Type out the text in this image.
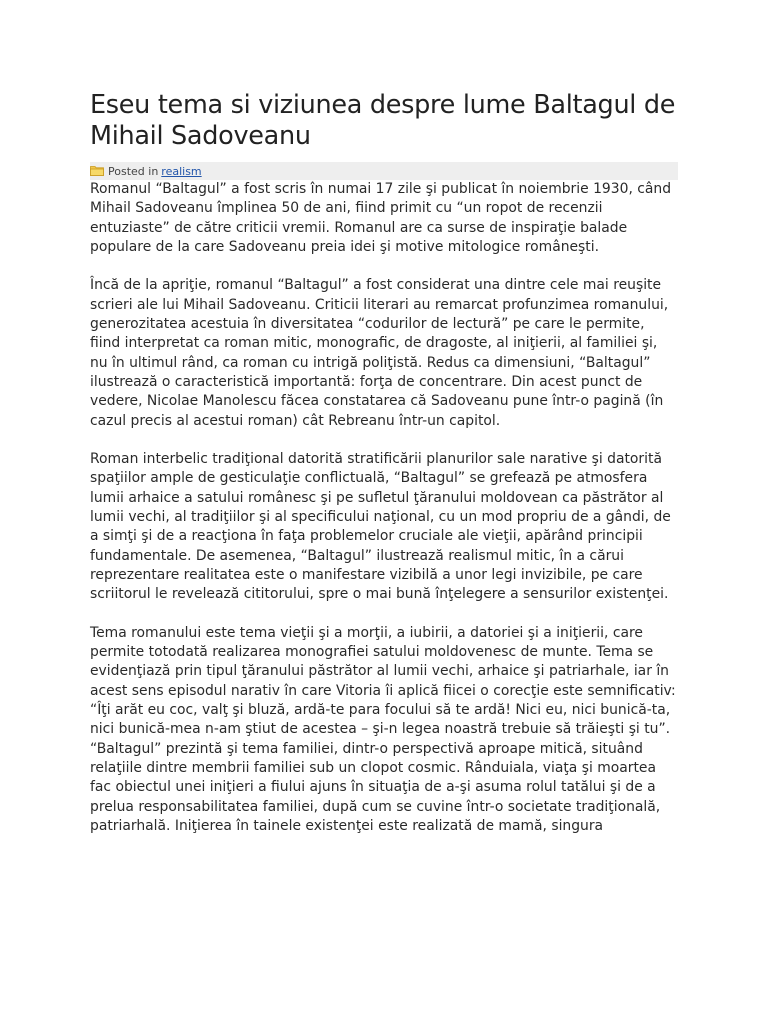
Eseu tema si viziunea despre lume Baltagul de Mihail Sadoveanu
Posted in realism

Romanul “Baltagul” a fost scris în numai 17 zile şi publicat în noiembrie 1930, când Mihail Sadoveanu împlinea 50 de ani, fiind primit cu “un ropot de recenzii entuziaste” de către criticii vremii. Romanul are ca surse de inspiraţie balade populare de la care Sadoveanu preia idei şi motive mitologice româneşti.

Încă de la apriţie, romanul “Baltagul” a fost considerat una dintre cele mai reuşite scrieri ale lui Mihail Sadoveanu. Criticii literari au remarcat profunzimea romanului, generozitatea acestuia în diversitatea “codurilor de lectură” pe care le permite, fiind interpretat ca roman mitic, monografic, de dragoste, al iniţierii, al familiei şi, nu în ultimul rând, ca roman cu intrigă poliţistă. Redus ca dimensiuni, “Baltagul” ilustrează o caracteristică importantă: forţa de concentrare. Din acest punct de vedere, Nicolae Manolescu făcea constatarea că Sadoveanu pune într-o pagină (în cazul precis al acestui roman) cât Rebreanu într-un capitol.

Roman interbelic tradiţional datorită stratificării planurilor sale narative şi datorită spaţiilor ample de gesticulaţie conflictuală, “Baltagul” se grefează pe atmosfera lumii arhaice a satului românesc şi pe sufletul ţăranului moldovean ca păstrător al lumii vechi, al tradiţiilor şi al specificului naţional, cu un mod propriu de a gândi, de a simţi şi de a reacţiona în faţa problemelor cruciale ale vieţii, apărând principii fundamentale. De asemenea, “Baltagul” ilustrează realismul mitic, în a cărui reprezentare realitatea este o manifestare vizibilă a unor legi invizibile, pe care scriitorul le revelează cititorului, spre o mai bună înţelegere a sensurilor existenţei.

Tema romanului este tema vieţii şi a morţii, a iubirii, a datoriei şi a iniţierii, care permite totodată realizarea monografiei satului moldovenesc de munte. Tema se evidenţiază prin tipul ţăranului păstrător al lumii vechi, arhaice şi patriarhale, iar în acest sens episodul narativ în care Vitoria îi aplică fiicei o corecţie este semnificativ: “Îţi arăt eu coc, valţ şi bluză, ardă-te para focului să te ardă! Nici eu, nici bunică-ta, nici bunică-mea n-am ştiut de acestea – şi-n legea noastră trebuie să trăieşti şi tu”. “Baltagul” prezintă şi tema familiei, dintr-o perspectivă aproape mitică, situând relaţiile dintre membrii familiei sub un clopot cosmic. Rânduiala, viaţa şi moartea fac obiectul unei iniţieri a fiului ajuns în situaţia de a-şi asuma rolul tatălui şi de a prelua responsabilitatea familiei, după cum se cuvine într-o societate tradiţională, patriarhală. Iniţierea în tainele existenţei este realizată de mamă, singura
